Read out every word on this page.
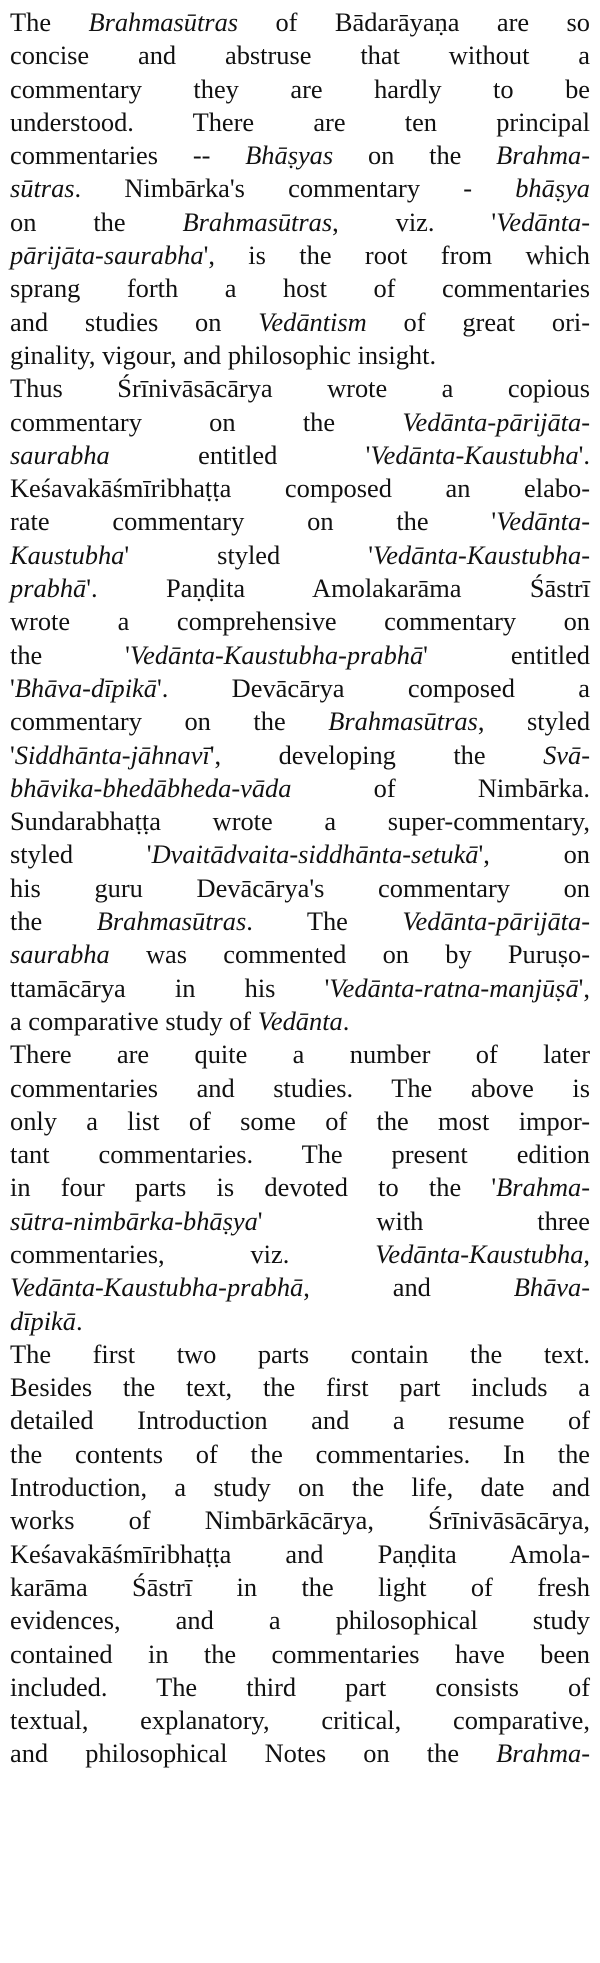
The Brahmasūtras of Bādarāyaṇa are so
concise and abstruse that without a
commentary they are hardly to be
understood. There are ten principal
commentaries -- Bhāṣyas on the Brahma-
sūtras. Nimbārka's commentary - bhāṣya
on the Brahmasūtras, viz. 'Vedānta-
pārijāta-saurabha', is the root from which
sprang forth a host of commentaries
and studies on Vedāntism of great ori-
ginality, vigour, and philosophic insight.
Thus Śrīnivāsācārya wrote a copious
commentary on the Vedānta-pārijāta-
saurabha entitled 'Vedānta-Kaustubha'.
Keśavakāśmīribhaṭṭa composed an elabo-
rate commentary on the 'Vedānta-
Kaustubha' styled 'Vedānta-Kaustubha-
prabhā'. Paṇḍita Amolakarāma Śāstrī
wrote a comprehensive commentary on
the 'Vedānta-Kaustubha-prabhā' entitled
'Bhāva-dīpikā'. Devācārya composed a
commentary on the Brahmasūtras, styled
'Siddhānta-jāhnavī', developing the Svā-
bhāvika-bhedābheda-vāda of Nimbārka.
Sundarabhaṭṭa wrote a super-commentary,
styled 'Dvaitādvaita-siddhānta-setukā', on
his guru Devācārya's commentary on
the Brahmasūtras. The Vedānta-pārijāta-
saurabha was commented on by Puruṣo-
ttamācārya in his 'Vedānta-ratna-manjūṣā',
a comparative study of Vedānta.
There are quite a number of later
commentaries and studies. The above is
only a list of some of the most impor-
tant commentaries. The present edition
in four parts is devoted to the 'Brahma-
sūtra-nimbārka-bhāṣya' with three
commentaries, viz. Vedānta-Kaustubha,
Vedānta-Kaustubha-prabhā, and Bhāva-
dīpikā.
The first two parts contain the text.
Besides the text, the first part includs a
detailed Introduction and a resume of
the contents of the commentaries. In the
Introduction, a study on the life, date and
works of Nimbārkācārya, Śrīnivāsācārya,
Keśavakāśmīribhaṭṭa and Paṇḍita Amola-
karāma Śāstrī in the light of fresh
evidences, and a philosophical study
contained in the commentaries have been
included. The third part consists of
textual, explanatory, critical, comparative,
and philosophical Notes on the Brahma-
